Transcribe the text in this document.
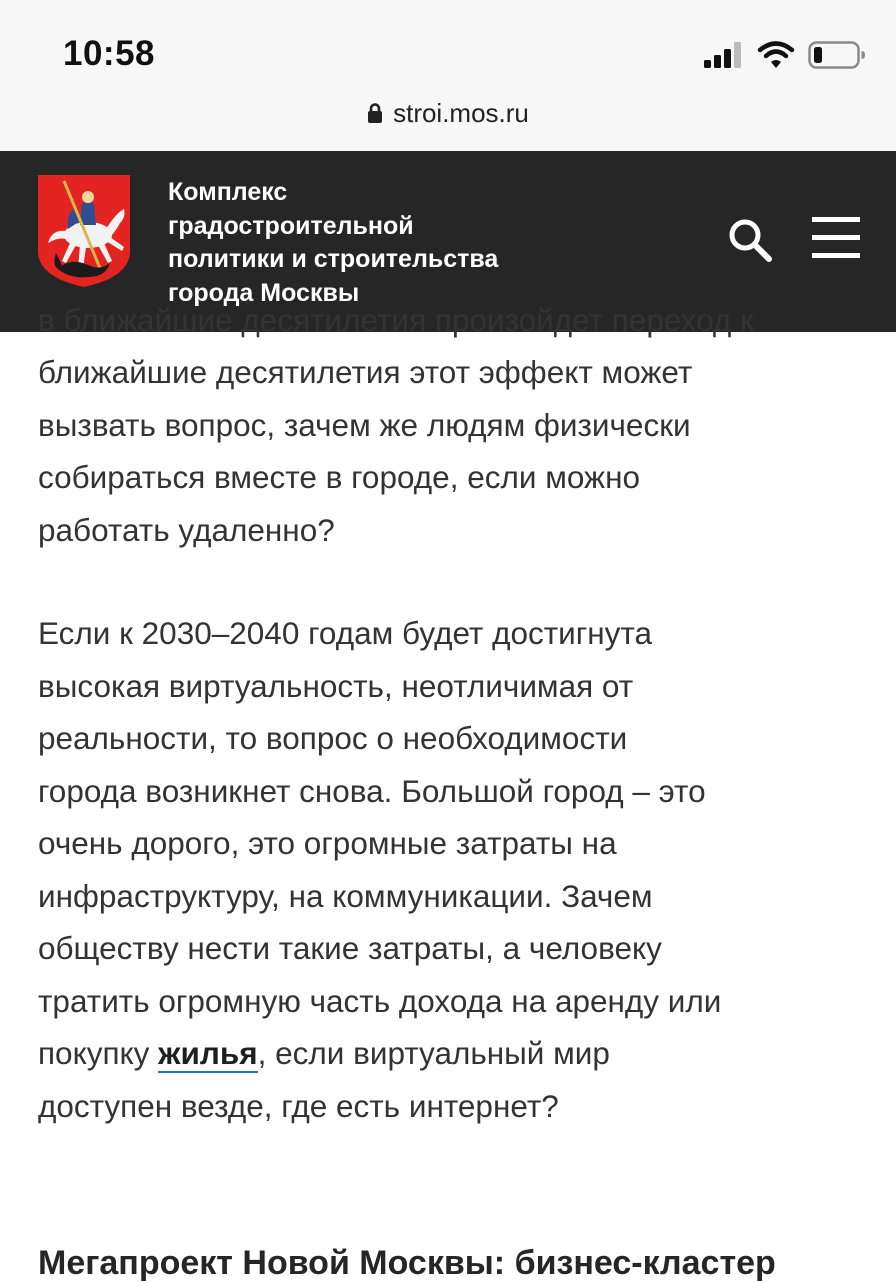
10:58
stroi.mos.ru
Комплекс
градостроительной
политики и строительства
города Москвы
в ближайшие десятилетия произойдет переход к

ближайшие десятилетия этот эффект может
вызвать вопрос, зачем же людям физически
собираться вместе в городе, если можно
работать удаленно?

Если к 2030–2040 годам будет достигнута
высокая виртуальность, неотличимая от
реальности, то вопрос о необходимости
города возникнет снова. Большой город – это
очень дорого, это огромные затраты на
инфраструктуру, на коммуникации. Зачем
обществу нести такие затраты, а человеку
тратить огромную часть дохода на аренду или
покупку жилья, если виртуальный мир
доступен везде, где есть интернет?

Мегапроект Новой Москвы: бизнес-кластер
